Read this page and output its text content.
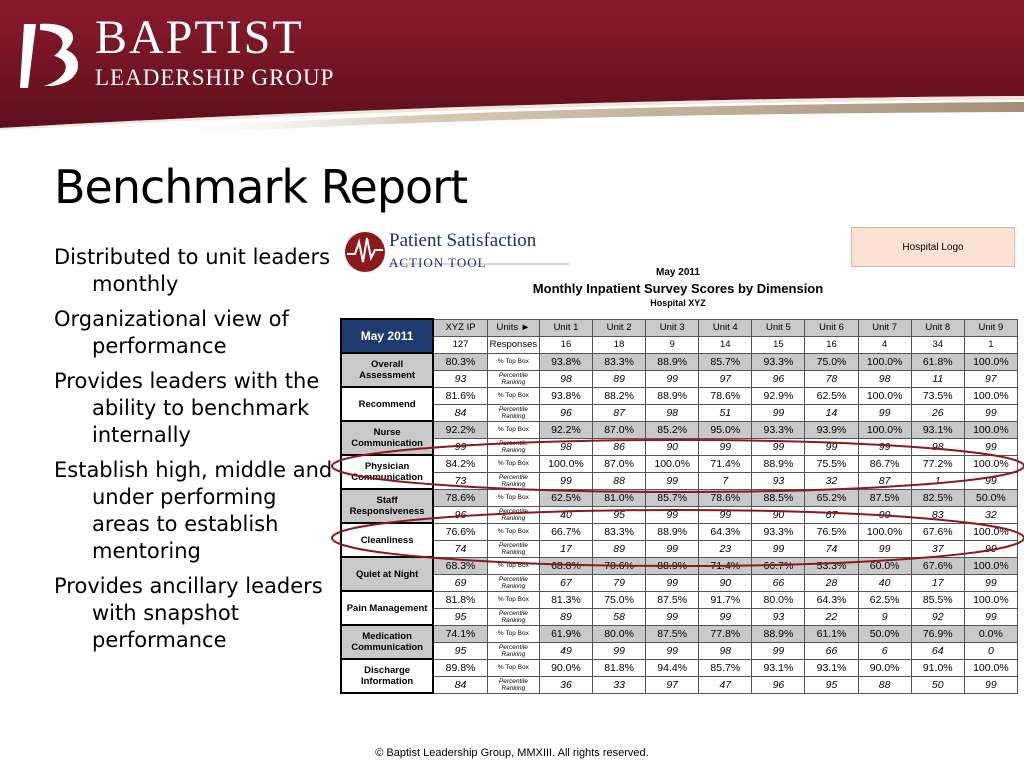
BAPTIST
LEADERSHIP GROUP
Benchmark Report
Distributed to unit leaders monthly
Organizational view of performance
Provides leaders with the ability to benchmark internally
Establish high, middle and under performing areas to establish mentoring
Provides ancillary leaders with snapshot performance
Patient Satisfaction
ACTION TOOL
Hospital Logo
May 2011
Monthly Inpatient Survey Scores by Dimension
Hospital XYZ
May 2011	XYZ IP	Units ►	Unit 1	Unit 2	Unit 3	Unit 4	Unit 5	Unit 6	Unit 7	Unit 8	Unit 9
	127	Responses	16	18	9	14	15	16	4	34	1
Overall Assessment	80.3%	% Top Box	93.8%	83.3%	88.9%	85.7%	93.3%	75.0%	100.0%	61.8%	100.0%
	93	Percentile Ranking	98	89	99	97	96	78	98	11	97
Recommend	81.6%	% Top Box	93.8%	88.2%	88.9%	78.6%	92.9%	62.5%	100.0%	73.5%	100.0%
	84	Percentile Ranking	96	87	98	51	99	14	99	26	99
Nurse Communication	92.2%	% Top Box	92.2%	87.0%	85.2%	95.0%	93.3%	93.9%	100.0%	93.1%	100.0%
	99	Percentile Ranking	98	86	90	99	99	99	99	98	99
Physician Communication	84.2%	% Top Box	100.0%	87.0%	100.0%	71.4%	88.9%	75.5%	86.7%	77.2%	100.0%
	73	Percentile Ranking	99	88	99	7	93	32	87	1	99
Staff Responsiveness	78.6%	% Top Box	62.5%	81.0%	85.7%	78.6%	88.5%	65.2%	87.5%	82.5%	50.0%
	96	Percentile Ranking	40	95	99	99	90	67	99	83	32
Cleanliness	76.6%	% Top Box	66.7%	83.3%	88.9%	64.3%	93.3%	76.5%	100.0%	67.6%	100.0%
	74	Percentile Ranking	17	89	99	23	99	74	99	37	99
Quiet at Night	68.3%	% Top Box	68.8%	70.6%	88.9%	71.4%	66.7%	53.3%	60.0%	67.6%	100.0%
	69	Percentile Ranking	67	79	99	90	66	28	40	17	99
Pain Management	81.8%	% Top Box	81.3%	75.0%	87.5%	91.7%	80.0%	64.3%	62.5%	85.5%	100.0%
	95	Percentile Ranking	89	58	99	99	93	22	9	92	99
Medication Communication	74.1%	% Top Box	61.9%	80.0%	87.5%	77.8%	88.9%	61.1%	50.0%	76.9%	0.0%
	95	Percentile Ranking	49	99	99	98	99	66	6	64	0
Discharge Information	89.8%	% Top Box	90.0%	81.8%	94.4%	85.7%	93.1%	93.1%	90.0%	91.0%	100.0%
	84	Percentile Ranking	36	33	97	47	96	95	88	50	99
© Baptist Leadership Group, MMXIII. All rights reserved.
